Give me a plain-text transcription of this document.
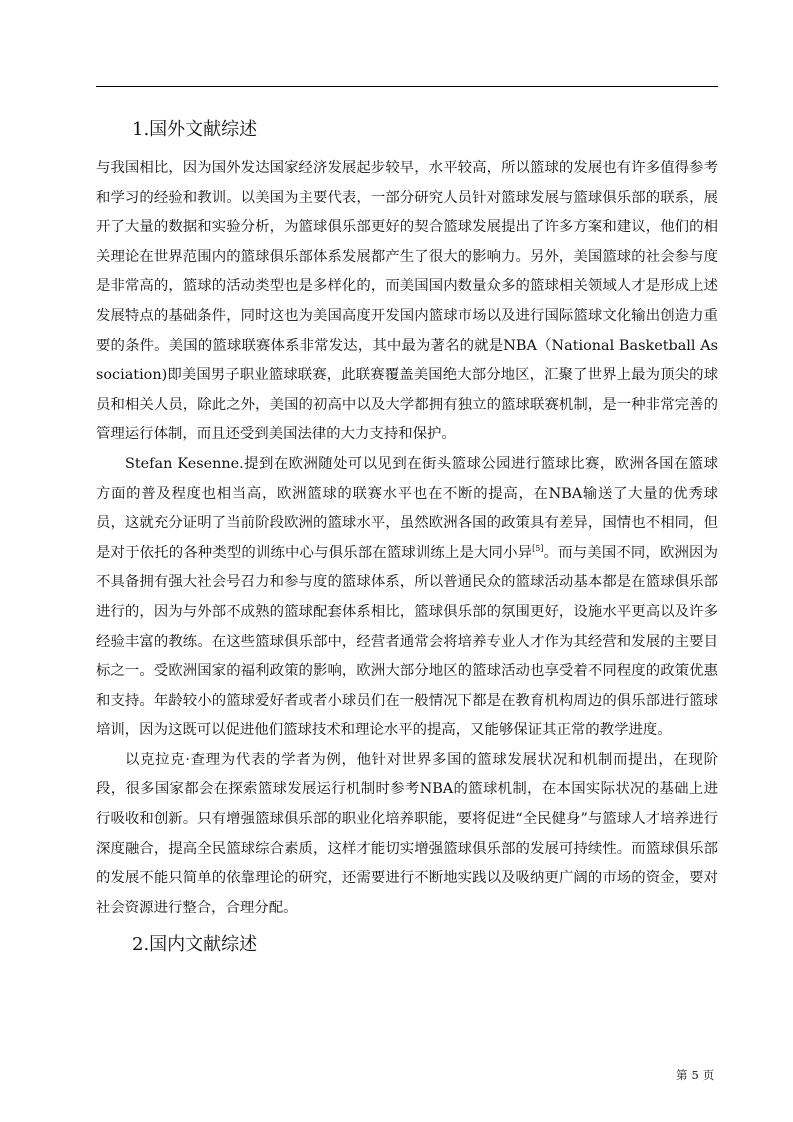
1.国外文献综述

与我国相比，因为国外发达国家经济发展起步较早，水平较高，所以篮球的发展也有许多值得参考和学习的经验和教训。以美国为主要代表，一部分研究人员针对篮球发展与篮球俱乐部的联系，展开了大量的数据和实验分析，为篮球俱乐部更好的契合篮球发展提出了许多方案和建议，他们的相关理论在世界范围内的篮球俱乐部体系发展都产生了很大的影响力。另外，美国篮球的社会参与度是非常高的，篮球的活动类型也是多样化的，而美国国内数量众多的篮球相关领域人才是形成上述发展特点的基础条件，同时这也为美国高度开发国内篮球市场以及进行国际篮球文化输出创造力重要的条件。美国的篮球联赛体系非常发达，其中最为著名的就是NBA（National Basketball Association)即美国男子职业篮球联赛，此联赛覆盖美国绝大部分地区，汇聚了世界上最为顶尖的球员和相关人员，除此之外，美国的初高中以及大学都拥有独立的篮球联赛机制，是一种非常完善的管理运行体制，而且还受到美国法律的大力支持和保护。

Stefan Kesenne.提到在欧洲随处可以见到在街头篮球公园进行篮球比赛，欧洲各国在篮球方面的普及程度也相当高，欧洲篮球的联赛水平也在不断的提高，在NBA输送了大量的优秀球员，这就充分证明了当前阶段欧洲的篮球水平，虽然欧洲各国的政策具有差异，国情也不相同，但是对于依托的各种类型的训练中心与俱乐部在篮球训练上是大同小异[5]。而与美国不同，欧洲因为不具备拥有强大社会号召力和参与度的篮球体系，所以普通民众的篮球活动基本都是在篮球俱乐部进行的，因为与外部不成熟的篮球配套体系相比，篮球俱乐部的氛围更好，设施水平更高以及许多经验丰富的教练。在这些篮球俱乐部中，经营者通常会将培养专业人才作为其经营和发展的主要目标之一。受欧洲国家的福利政策的影响，欧洲大部分地区的篮球活动也享受着不同程度的政策优惠和支持。年龄较小的篮球爱好者或者小球员们在一般情况下都是在教育机构周边的俱乐部进行篮球培训，因为这既可以促进他们篮球技术和理论水平的提高，又能够保证其正常的教学进度。

以克拉克·查理为代表的学者为例，他针对世界多国的篮球发展状况和机制而提出，在现阶段，很多国家都会在探索篮球发展运行机制时参考NBA的篮球机制，在本国实际状况的基础上进行吸收和创新。只有增强篮球俱乐部的职业化培养职能，要将促进“全民健身”与篮球人才培养进行深度融合，提高全民篮球综合素质，这样才能切实增强篮球俱乐部的发展可持续性。而篮球俱乐部的发展不能只简单的依靠理论的研究，还需要进行不断地实践以及吸纳更广阔的市场的资金，要对社会资源进行整合，合理分配。

2.国内文献综述
第 5 页
